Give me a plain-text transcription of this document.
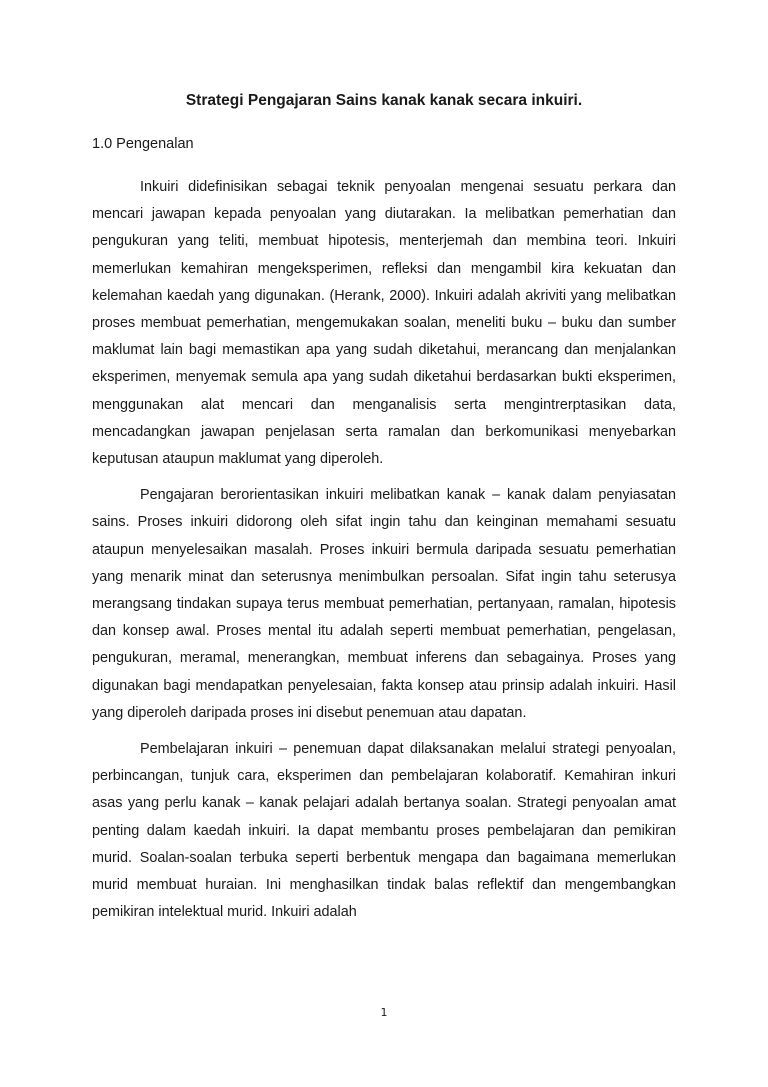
Strategi Pengajaran Sains kanak kanak secara inkuiri.
1.0 Pengenalan

Inkuiri didefinisikan sebagai teknik penyoalan mengenai sesuatu perkara dan mencari jawapan kepada penyoalan yang diutarakan. Ia melibatkan pemerhatian dan pengukuran yang teliti, membuat hipotesis, menterjemah dan membina teori. Inkuiri memerlukan kemahiran mengeksperimen, refleksi dan mengambil kira kekuatan dan kelemahan kaedah yang digunakan. (Herank, 2000). Inkuiri adalah akriviti yang melibatkan proses membuat pemerhatian, mengemukakan soalan, meneliti buku – buku dan sumber maklumat lain bagi memastikan apa yang sudah diketahui, merancang dan menjalankan eksperimen, menyemak semula apa yang sudah diketahui berdasarkan bukti eksperimen, menggunakan alat mencari dan menganalisis serta mengintrerptasikan data, mencadangkan jawapan penjelasan serta ramalan dan berkomunikasi menyebarkan keputusan ataupun maklumat yang diperoleh.

Pengajaran berorientasikan inkuiri melibatkan kanak – kanak dalam penyiasatan sains. Proses inkuiri didorong oleh sifat ingin tahu dan keinginan memahami sesuatu ataupun menyelesaikan masalah. Proses inkuiri bermula daripada sesuatu pemerhatian yang menarik minat dan seterusnya menimbulkan persoalan. Sifat ingin tahu seterusya merangsang tindakan supaya terus membuat pemerhatian, pertanyaan, ramalan, hipotesis dan konsep awal. Proses mental itu adalah seperti membuat pemerhatian, pengelasan, pengukuran, meramal, menerangkan, membuat inferens dan sebagainya. Proses yang digunakan bagi mendapatkan penyelesaian, fakta konsep atau prinsip adalah inkuiri. Hasil yang diperoleh daripada proses ini disebut penemuan atau dapatan.

Pembelajaran inkuiri – penemuan dapat dilaksanakan melalui strategi penyoalan, perbincangan, tunjuk cara, eksperimen dan pembelajaran kolaboratif. Kemahiran inkuri asas yang perlu kanak – kanak pelajari adalah bertanya soalan. Strategi penyoalan amat penting dalam kaedah inkuiri. Ia dapat membantu proses pembelajaran dan pemikiran murid. Soalan-soalan terbuka seperti berbentuk mengapa dan bagaimana memerlukan murid membuat huraian. Ini menghasilkan tindak balas reflektif dan mengembangkan pemikiran intelektual murid. Inkuiri adalah

1
